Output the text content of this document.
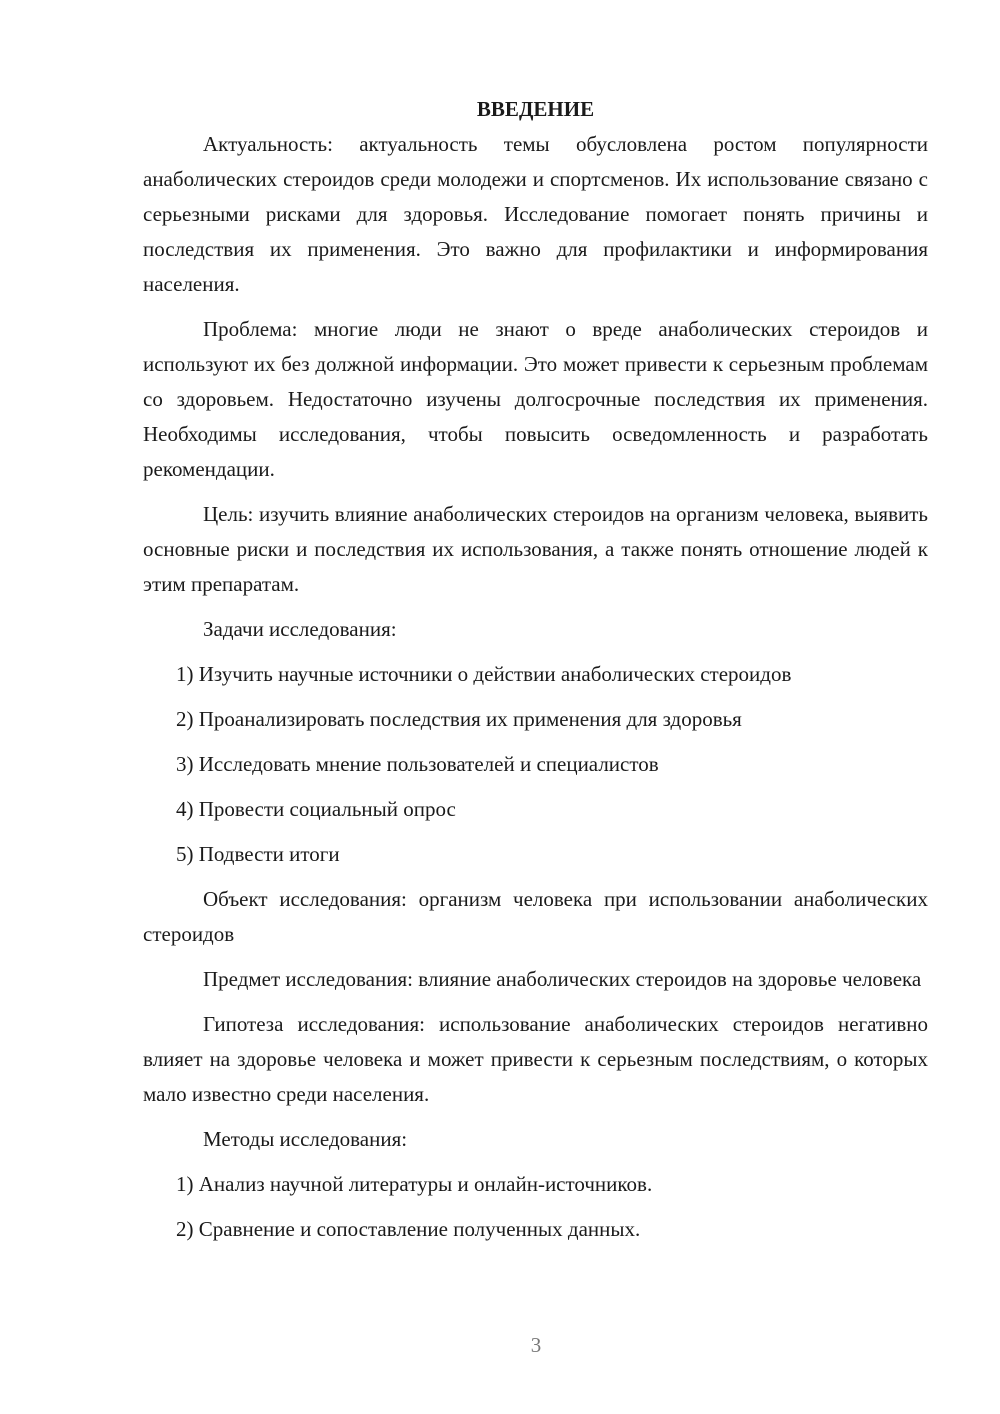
ВВЕДЕНИЕ

Актуальность: актуальность темы обусловлена ростом популярности анаболических стероидов среди молодежи и спортсменов. Их использование связано с серьезными рисками для здоровья. Исследование помогает понять причины и последствия их применения. Это важно для профилактики и информирования населения.

Проблема: многие люди не знают о вреде анаболических стероидов и используют их без должной информации. Это может привести к серьезным проблемам со здоровьем. Недостаточно изучены долгосрочные последствия их применения. Необходимы исследования, чтобы повысить осведомленность и разработать рекомендации.

Цель: изучить влияние анаболических стероидов на организм человека, выявить основные риски и последствия их использования, а также понять отношение людей к этим препаратам.

Задачи исследования:

1) Изучить научные источники о действии анаболических стероидов
2) Проанализировать последствия их применения для здоровья
3) Исследовать мнение пользователей и специалистов
4) Провести социальный опрос
5) Подвести итоги

Объект исследования: организм человека при использовании анаболических стероидов

Предмет исследования: влияние анаболических стероидов на здоровье человека

Гипотеза исследования: использование анаболических стероидов негативно влияет на здоровье человека и может привести к серьезным последствиям, о которых мало известно среди населения.

Методы исследования:

1) Анализ научной литературы и онлайн-источников.
2) Сравнение и сопоставление полученных данных.
3
